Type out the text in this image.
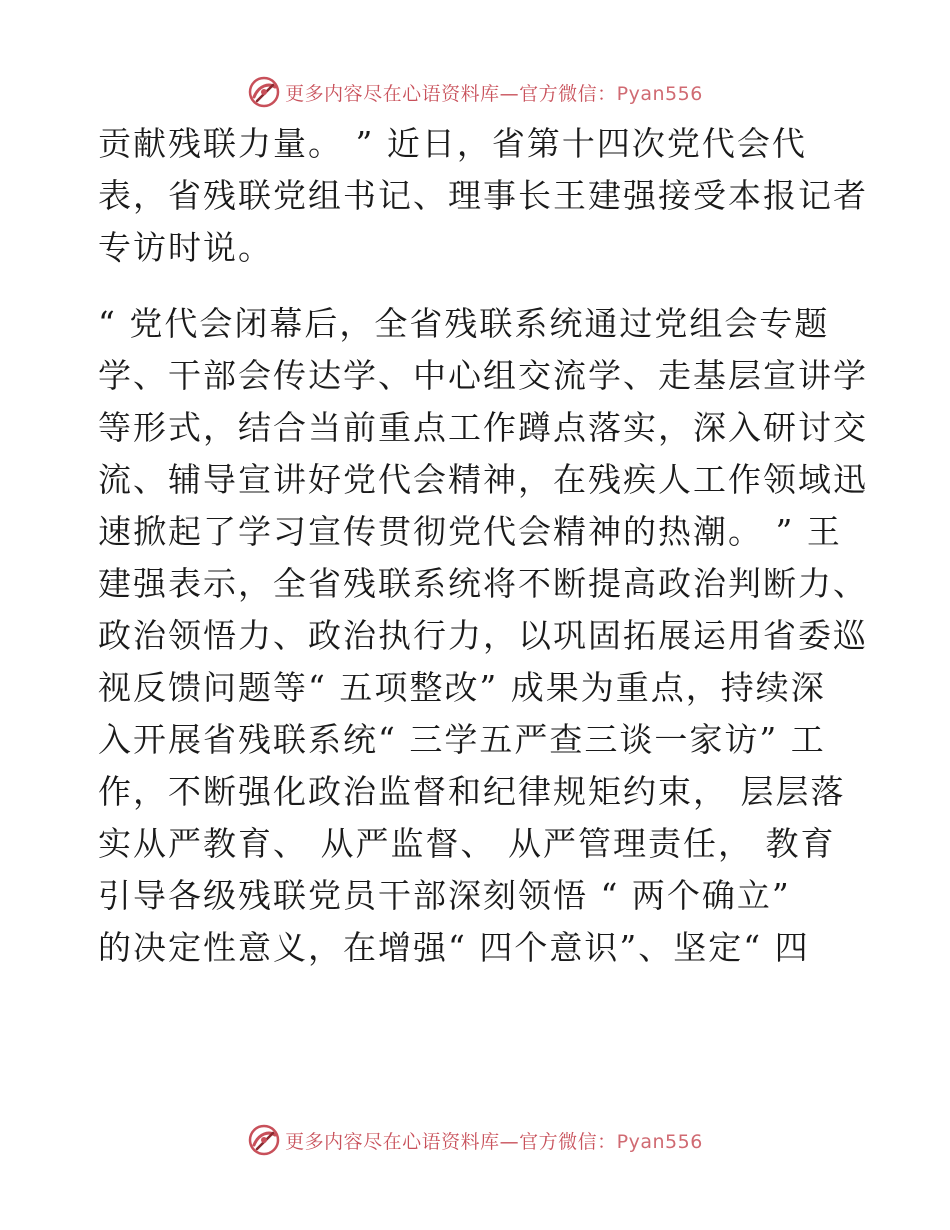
更多内容尽在心语资料库—官方微信：Pyan556
贡献残联力量。 ” 近日，省第十四次党代会代
表，省残联党组书记、理事长王建强接受本报记者
专访时说。
“ 党代会闭幕后，全省残联系统通过党组会专题
学、干部会传达学、中心组交流学、走基层宣讲学
等形式，结合当前重点工作蹲点落实，深入研讨交
流、辅导宣讲好党代会精神，在残疾人工作领域迅
速掀起了学习宣传贯彻党代会精神的热潮。 ” 王
建强表示，全省残联系统将不断提高政治判断力、
政治领悟力、政治执行力，以巩固拓展运用省委巡
视反馈问题等“ 五项整改” 成果为重点，持续深
入开展省残联系统“ 三学五严查三谈一家访” 工
作，不断强化政治监督和纪律规矩约束， 层层落
实从严教育、 从严监督、 从严管理责任， 教育
引导各级残联党员干部深刻领悟 “ 两个确立”
的决定性意义，在增强“ 四个意识”、坚定“ 四
更多内容尽在心语资料库—官方微信：Pyan556
